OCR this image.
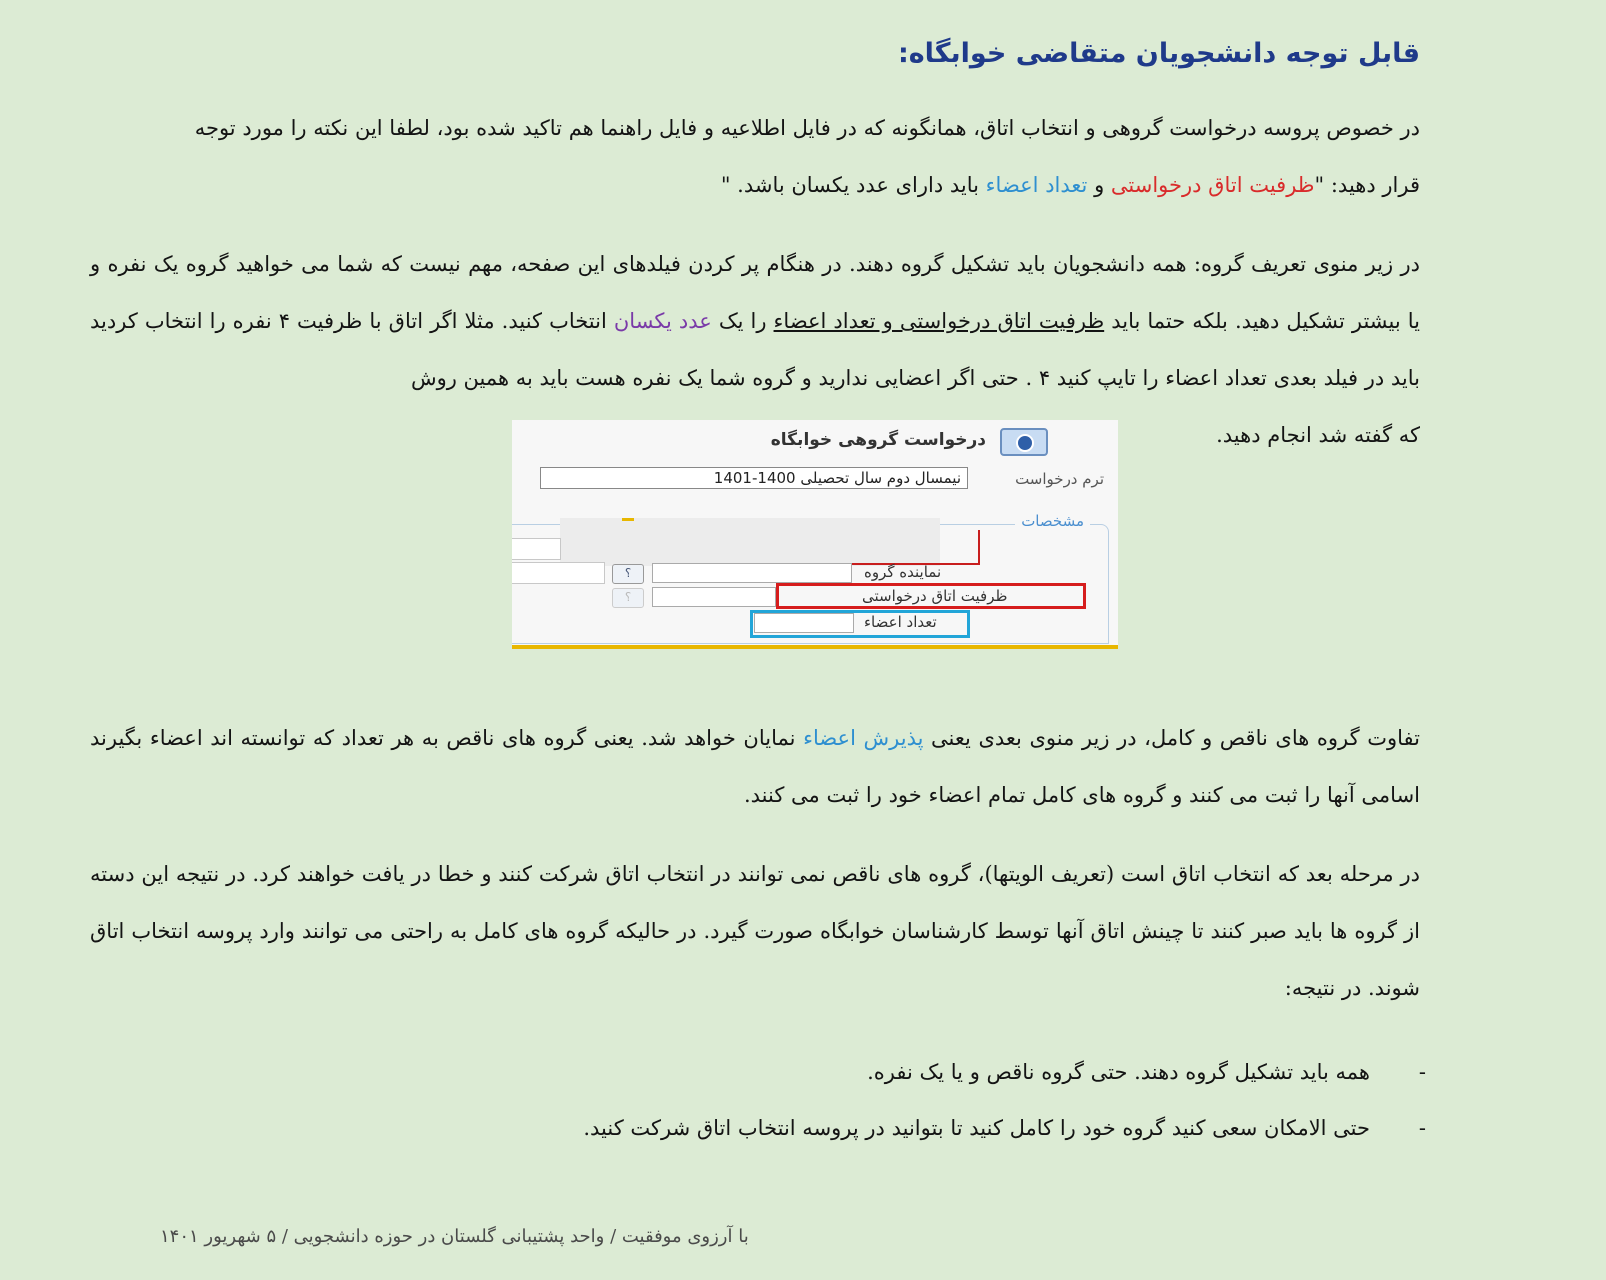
قابل توجه دانشجویان متقاضی خوابگاه:
در خصوص پروسه درخواست گروهی و انتخاب اتاق، همانگونه که در فایل اطلاعیه و فایل راهنما هم تاکید شده بود، لطفا این نکته را مورد توجه
قرار دهید: "ظرفیت اتاق درخواستی و تعداد اعضاء باید دارای عدد یکسان باشد. "
در زیر منوی تعریف گروه: همه دانشجویان باید تشکیل گروه دهند. در هنگام پر کردن فیلدهای این صفحه، مهم نیست که شما می خواهید گروه یک نفره و یا بیشتر تشکیل دهید. بلکه حتما باید ظرفیت اتاق درخواستی و تعداد اعضاء را یک عدد یکسان انتخاب کنید. مثلا اگر اتاق با ظرفیت ۴ نفره را انتخاب کردید باید در فیلد بعدی تعداد اعضاء را تایپ کنید ۴ . حتی اگر اعضایی ندارید و گروه شما یک نفره هست باید به همین روش
که گفته شد انجام دهید.
درخواست گروهی خوابگاه
ترم درخواست
نیمسال دوم سال تحصیلی 1400-1401
مشخصات
نماینده گروه
؟
ظرفیت اتاق درخواستی
؟
تعداد اعضاء
تفاوت گروه های ناقص و کامل، در زیر منوی بعدی یعنی پذیرش اعضاء نمایان خواهد شد. یعنی گروه های ناقص به هر تعداد که توانسته اند اعضاء بگیرند اسامی آنها را ثبت می کنند و گروه های کامل تمام اعضاء خود را ثبت می کنند.
در مرحله بعد که انتخاب اتاق است (تعریف الویتها)، گروه های ناقص نمی توانند در انتخاب اتاق شرکت کنند و خطا در یافت خواهند کرد. در نتیجه این دسته از گروه ها باید صبر کنند تا چینش اتاق آنها توسط کارشناسان خوابگاه صورت گیرد. در حالیکه گروه های کامل به راحتی می توانند وارد پروسه انتخاب اتاق شوند. در نتیجه:
-
همه باید تشکیل گروه دهند. حتی گروه ناقص و یا یک نفره.
-
حتی الامکان سعی کنید گروه خود را کامل کنید تا بتوانید در پروسه انتخاب اتاق شرکت کنید.
با آرزوی موفقیت / واحد پشتیبانی گلستان در حوزه دانشجویی / ۵ شهریور ۱۴۰۱
